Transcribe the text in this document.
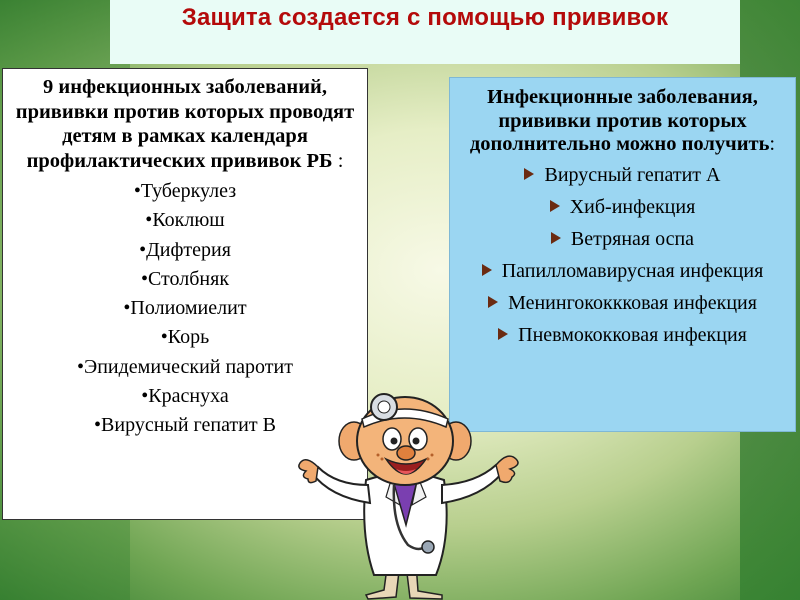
Защита создается с помощью прививок
9 инфекционных заболеваний, прививки против которых проводят детям в рамках календаря профилактических прививок РБ :
• Туберкулез
• Коклюш
• Дифтерия
• Столбняк
• Полиомиелит
• Корь
• Эпидемический паротит
• Краснуха
• Вирусный гепатит В
Инфекционные заболевания, прививки против которых дополнительно можно получить:
Вирусный гепатит А
Хиб-инфекция
Ветряная оспа
Папилломавирусная инфекция
Менингококкковая инфекция
Пневмококковая инфекция
